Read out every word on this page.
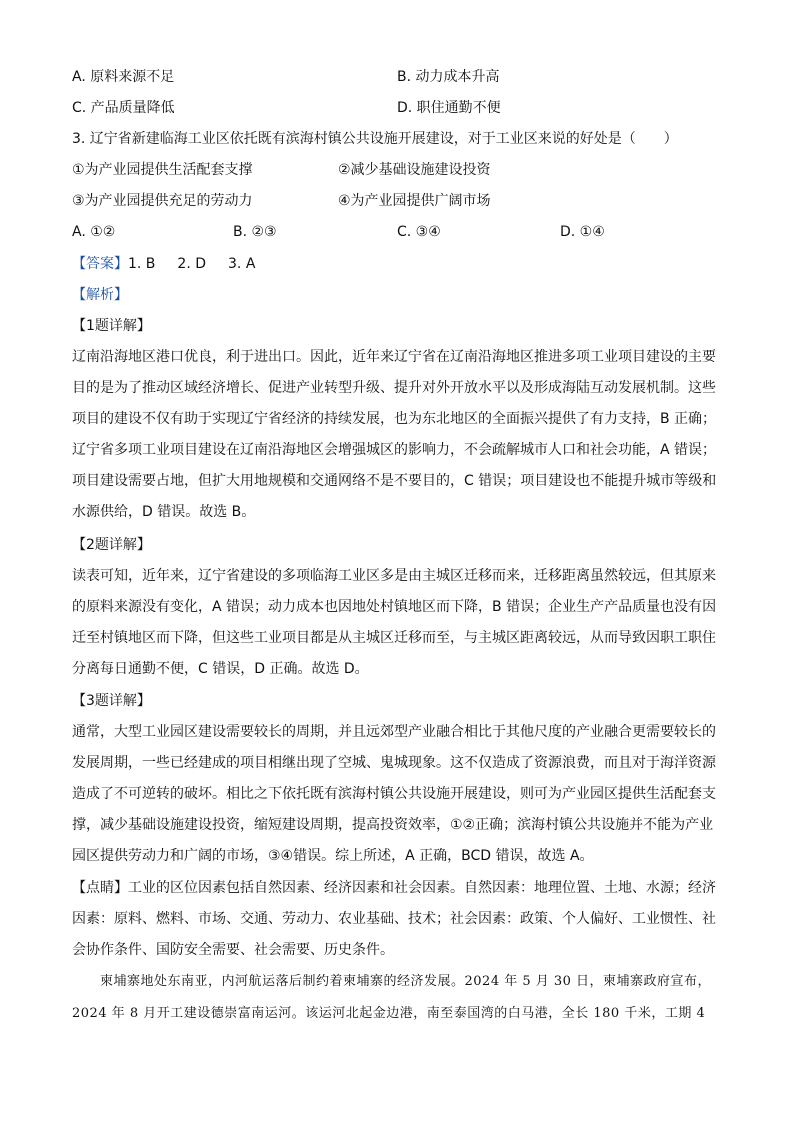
A. 原料来源不足	B. 动力成本升高
C. 产品质量降低	D. 职住通勤不便
3. 辽宁省新建临海工业区依托既有滨海村镇公共设施开展建设，对于工业区来说的好处是（　　）
①为产业园提供生活配套支撑	②减少基础设施建设投资
③为产业园提供充足的劳动力	④为产业园提供广阔市场
A. ①②	B. ②③	C. ③④	D. ①④
【答案】1. B 2. D 3. A
【解析】
【1题详解】

辽南沿海地区港口优良，利于进出口。因此，近年来辽宁省在辽南沿海地区推进多项工业项目建设的主要

目的是为了推动区域经济增长、促进产业转型升级、提升对外开放水平以及形成海陆互动发展机制。这些

项目的建设不仅有助于实现辽宁省经济的持续发展，也为东北地区的全面振兴提供了有力支持，B 正确；

辽宁省多项工业项目建设在辽南沿海地区会增强城区的影响力，不会疏解城市人口和社会功能，A 错误；

项目建设需要占地，但扩大用地规模和交通网络不是不要目的，C 错误；项目建设也不能提升城市等级和

水源供给，D 错误。故选 B。

【2题详解】

读表可知，近年来，辽宁省建设的多项临海工业区多是由主城区迁移而来，迁移距离虽然较远，但其原来

的原料来源没有变化，A 错误；动力成本也因地处村镇地区而下降，B 错误；企业生产产品质量也没有因

迁至村镇地区而下降，但这些工业项目都是从主城区迁移而至，与主城区距离较远，从而导致因职工职住

分离每日通勤不便，C 错误，D 正确。故选 D。

【3题详解】

通常，大型工业园区建设需要较长的周期，并且远郊型产业融合相比于其他尺度的产业融合更需要较长的

发展周期，一些已经建成的项目相继出现了空城、鬼城现象。这不仅造成了资源浪费，而且对于海洋资源

造成了不可逆转的破坏。相比之下依托既有滨海村镇公共设施开展建设，则可为产业园区提供生活配套支

撑，减少基础设施建设投资，缩短建设周期，提高投资效率，①②正确；滨海村镇公共设施并不能为产业

园区提供劳动力和广阔的市场，③④错误。综上所述，A 正确，BCD 错误，故选 A。

【点睛】工业的区位因素包括自然因素、经济因素和社会因素。自然因素：地理位置、土地、水源；经济

因素：原料、燃料、市场、交通、劳动力、农业基础、技术；社会因素：政策、个人偏好、工业惯性、社

会协作条件、国防安全需要、社会需要、历史条件。

柬埔寨地处东南亚，内河航运落后制约着柬埔寨的经济发展。2024 年 5 月 30 日，柬埔寨政府宣布，

2024 年 8 月开工建设德崇富南运河。该运河北起金边港，南至泰国湾的白马港，全长 180 千米，工期 4
